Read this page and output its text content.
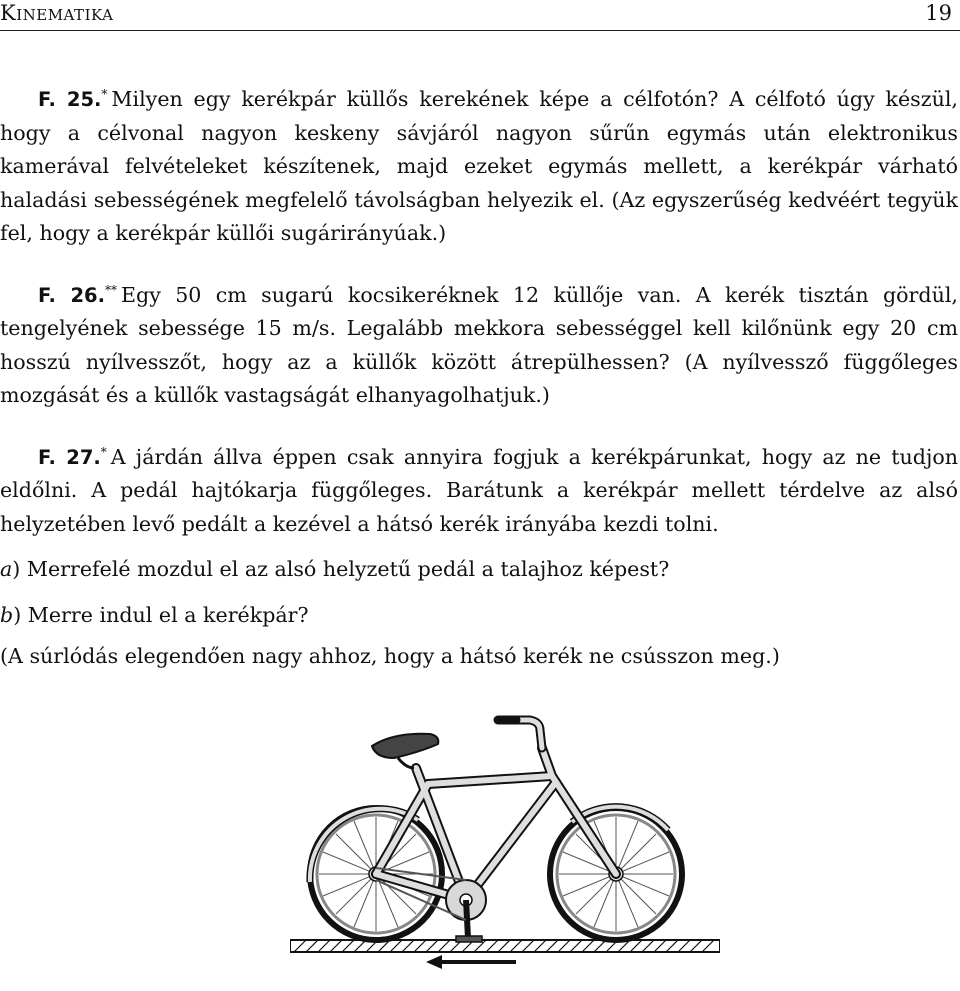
Kinematika	19

F. 25.* Milyen egy kerékpár küllős kerekének képe a célfotón? A célfotó úgy készül, hogy a célvonal nagyon keskeny sávjáról nagyon sűrűn egymás után elektronikus kamerával felvételeket készítenek, majd ezeket egymás mellett, a kerékpár várható haladási sebességének megfelelő távolságban helyezik el. (Az egyszerűség kedvéért tegyük fel, hogy a kerékpár küllői sugárirányúak.)

F. 26.** Egy 50 cm sugarú kocsikeréknek 12 küllője van. A kerék tisztán gördül, tengelyének sebessége 15 m/s. Legalább mekkora sebességgel kell kilőnünk egy 20 cm hosszú nyílvesszőt, hogy az a küllők között átrepülhessen? (A nyílvessző függőleges mozgását és a küllők vastagságát elhanyagolhatjuk.)

F. 27.* A járdán állva éppen csak annyira fogjuk a kerékpárunkat, hogy az ne tudjon eldőlni. A pedál hajtókarja függőleges. Barátunk a kerékpár mellett térdelve az alsó helyzetében levő pedált a kezével a hátsó kerék irányába kezdi tolni.

a) Merrefelé mozdul el az alsó helyzetű pedál a talajhoz képest?

b) Merre indul el a kerékpár?

(A súrlódás elegendően nagy ahhoz, hogy a hátsó kerék ne csússzon meg.)
